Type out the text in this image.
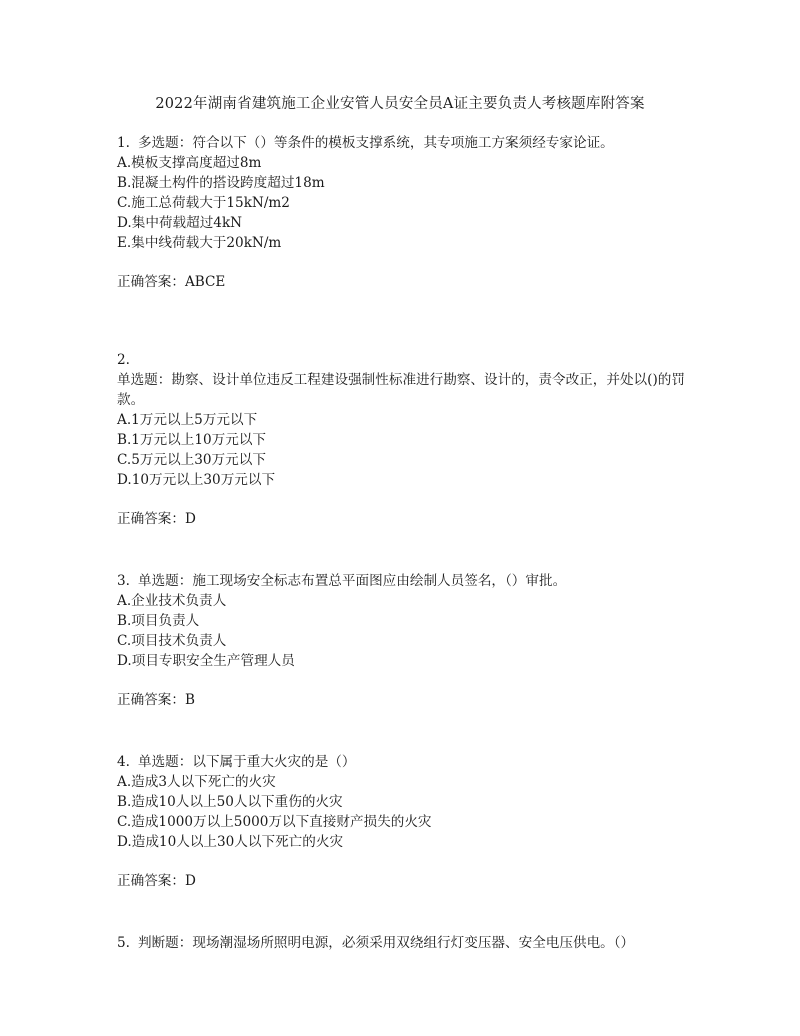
2022年湖南省建筑施工企业安管人员安全员A证主要负责人考核题库附答案
1. 多选题：符合以下（）等条件的模板支撑系统，其专项施工方案须经专家论证。
A.模板支撑高度超过8m
B.混凝土构件的搭设跨度超过18m
C.施工总荷载大于15kN/m2
D.集中荷载超过4kN
E.集中线荷载大于20kN/m
正确答案：ABCE
2.
单选题：勘察、设计单位违反工程建设强制性标准进行勘察、设计的，责令改正，并处以()的罚款。
A.1万元以上5万元以下
B.1万元以上10万元以下
C.5万元以上30万元以下
D.10万元以上30万元以下
正确答案：D
3. 单选题：施工现场安全标志布置总平面图应由绘制人员签名，（）审批。
A.企业技术负责人
B.项目负责人
C.项目技术负责人
D.项目专职安全生产管理人员
正确答案：B
4. 单选题：以下属于重大火灾的是（）
A.造成3人以下死亡的火灾
B.造成10人以上50人以下重伤的火灾
C.造成1000万以上5000万以下直接财产损失的火灾
D.造成10人以上30人以下死亡的火灾
正确答案：D
5. 判断题：现场潮湿场所照明电源，必须采用双绕组行灯变压器、安全电压供电。（）
